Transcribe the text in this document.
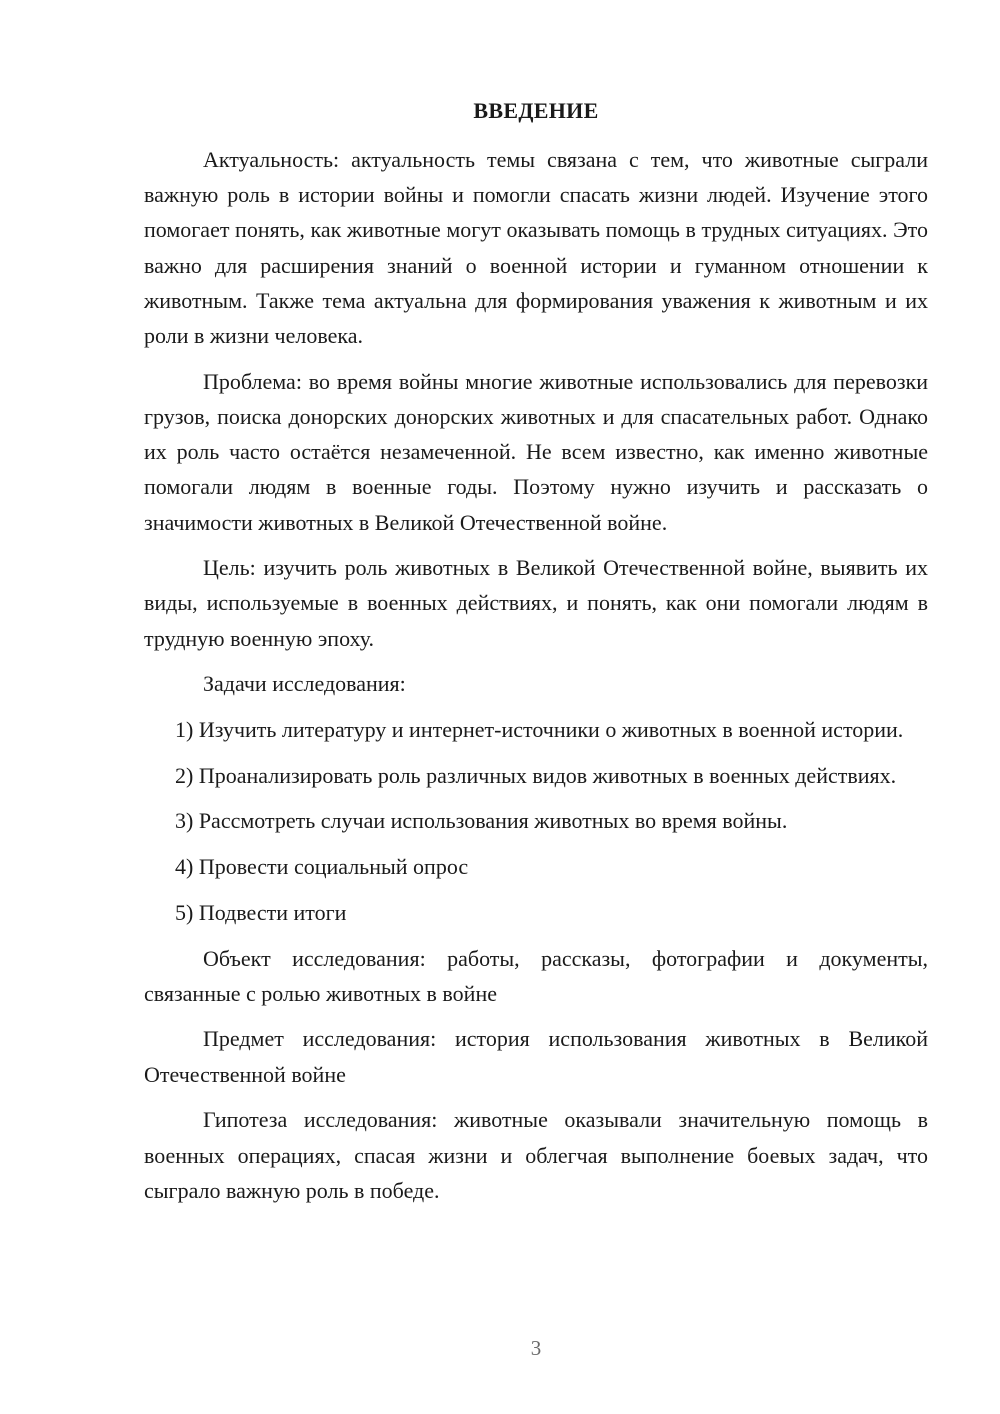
ВВЕДЕНИЕ

Актуальность: актуальность темы связана с тем, что животные сыграли важную роль в истории войны и помогли спасать жизни людей. Изучение этого помогает понять, как животные могут оказывать помощь в трудных ситуациях. Это важно для расширения знаний о военной истории и гуманном отношении к животным. Также тема актуальна для формирования уважения к животным и их роли в жизни человека.

Проблема: во время войны многие животные использовались для перевозки грузов, поиска донорских донорских животных и для спасательных работ. Однако их роль часто остаётся незамеченной. Не всем известно, как именно животные помогали людям в военные годы. Поэтому нужно изучить и рассказать о значимости животных в Великой Отечественной войне.

Цель: изучить роль животных в Великой Отечественной войне, выявить их виды, используемые в военных действиях, и понять, как они помогали людям в трудную военную эпоху.

Задачи исследования:

1) Изучить литературу и интернет-источники о животных в военной истории.

2) Проанализировать роль различных видов животных в военных действиях.

3) Рассмотреть случаи использования животных во время войны.

4) Провести социальный опрос

5) Подвести итоги

Объект исследования: работы, рассказы, фотографии и документы, связанные с ролью животных в войне

Предмет исследования: история использования животных в Великой Отечественной войне

Гипотеза исследования: животные оказывали значительную помощь в военных операциях, спасая жизни и облегчая выполнение боевых задач, что сыграло важную роль в победе.

3
